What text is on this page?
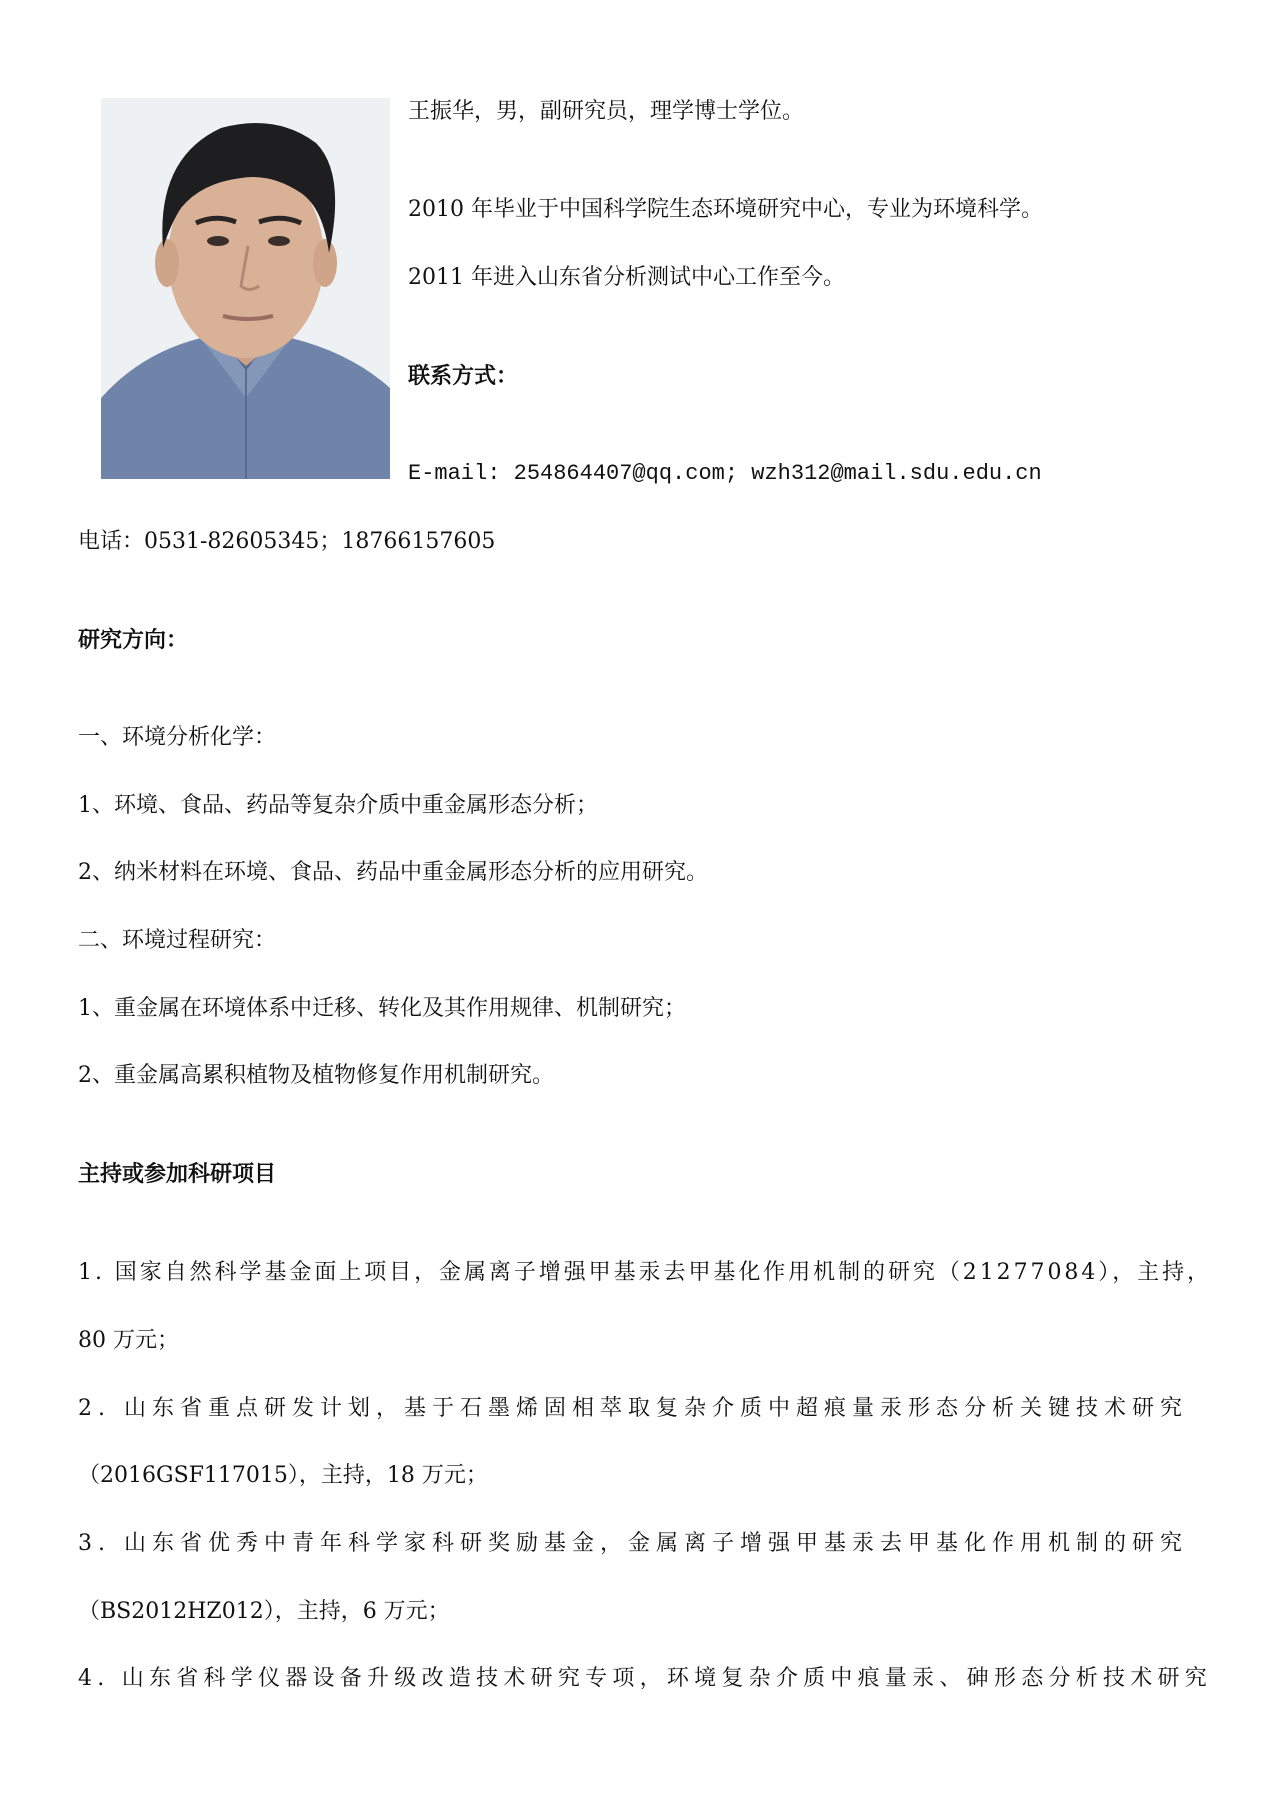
王振华，男，副研究员，理学博士学位。
2010 年毕业于中国科学院生态环境研究中心，专业为环境科学。
2011 年进入山东省分析测试中心工作至今。
联系方式：
E-mail: 254864407@qq.com; wzh312@mail.sdu.edu.cn
电话：0531-82605345；18766157605
研究方向：
一、环境分析化学：
1、环境、食品、药品等复杂介质中重金属形态分析；
2、纳米材料在环境、食品、药品中重金属形态分析的应用研究。
二、环境过程研究：
1、重金属在环境体系中迁移、转化及其作用规律、机制研究；
2、重金属高累积植物及植物修复作用机制研究。
主持或参加科研项目
1. 国家自然科学基金面上项目，金属离子增强甲基汞去甲基化作用机制的研究（21277084），主持，
80 万元；
2. 山东省重点研发计划，基于石墨烯固相萃取复杂介质中超痕量汞形态分析关键技术研究
（2016GSF117015），主持，18 万元；
3. 山东省优秀中青年科学家科研奖励基金，金属离子增强甲基汞去甲基化作用机制的研究
（BS2012HZ012），主持，6 万元；
4. 山东省科学仪器设备升级改造技术研究专项，环境复杂介质中痕量汞、砷形态分析技术研究
